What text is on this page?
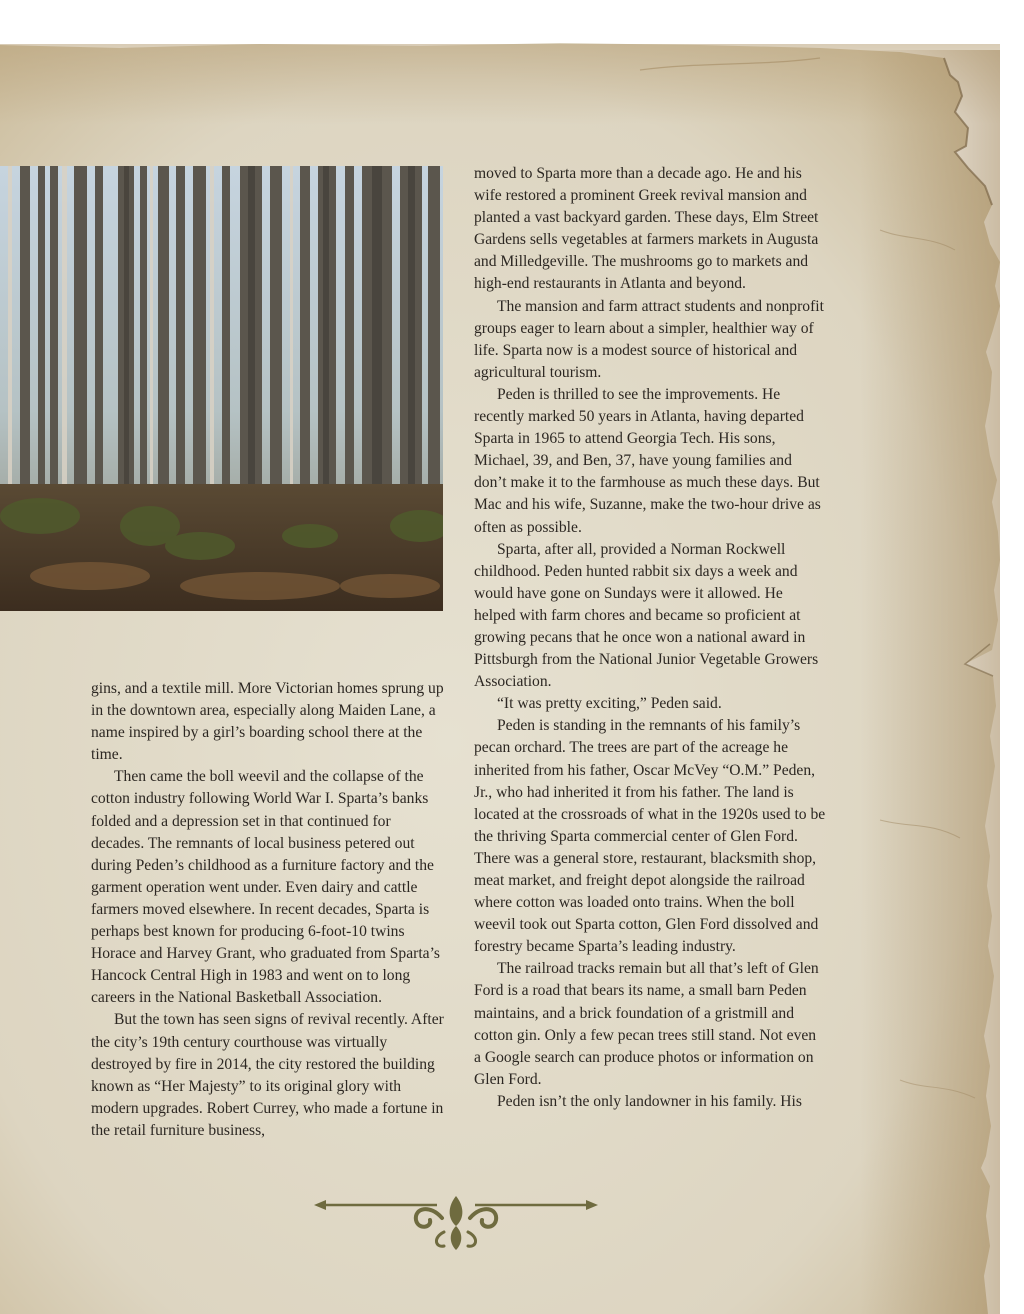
gins, and a textile mill. More Victorian homes sprung up in the downtown area, especially along Maiden Lane, a name inspired by a girl’s boarding school there at the time.

Then came the boll weevil and the collapse of the cotton industry following World War I. Sparta’s banks folded and a depression set in that continued for decades. The remnants of local business petered out during Peden’s childhood as a furniture factory and the garment operation went under. Even dairy and cattle farmers moved elsewhere. In recent decades, Sparta is perhaps best known for producing 6-foot-10 twins Horace and Harvey Grant, who graduated from Sparta’s Hancock Central High in 1983 and went on to long careers in the National Basketball Association.

But the town has seen signs of revival recently. After the city’s 19th century courthouse was virtually destroyed by fire in 2014, the city restored the building known as “Her Majesty” to its original glory with modern upgrades. Robert Currey, who made a fortune in the retail furniture business,

moved to Sparta more than a decade ago. He and his wife restored a prominent Greek revival mansion and planted a vast backyard garden. These days, Elm Street Gardens sells vegetables at farmers markets in Augusta and Milledgeville. The mushrooms go to markets and high-end restaurants in Atlanta and beyond.

The mansion and farm attract students and nonprofit groups eager to learn about a simpler, healthier way of life. Sparta now is a modest source of historical and agricultural tourism.

Peden is thrilled to see the improvements. He recently marked 50 years in Atlanta, having departed Sparta in 1965 to attend Georgia Tech. His sons, Michael, 39, and Ben, 37, have young families and don’t make it to the farmhouse as much these days. But Mac and his wife, Suzanne, make the two-hour drive as often as possible.

Sparta, after all, provided a Norman Rockwell childhood. Peden hunted rabbit six days a week and would have gone on Sundays were it allowed. He helped with farm chores and became so proficient at growing pecans that he once won a national award in Pittsburgh from the National Junior Vegetable Growers Association.

“It was pretty exciting,” Peden said.

Peden is standing in the remnants of his family’s pecan orchard. The trees are part of the acreage he inherited from his father, Oscar McVey “O.M.” Peden, Jr., who had inherited it from his father. The land is located at the crossroads of what in the 1920s used to be the thriving Sparta commercial center of Glen Ford. There was a general store, restaurant, blacksmith shop, meat market, and freight depot alongside the railroad where cotton was loaded onto trains. When the boll weevil took out Sparta cotton, Glen Ford dissolved and forestry became Sparta’s leading industry.

The railroad tracks remain but all that’s left of Glen Ford is a road that bears its name, a small barn Peden maintains, and a brick foundation of a gristmill and cotton gin. Only a few pecan trees still stand. Not even a Google search can produce photos or information on Glen Ford.

Peden isn’t the only landowner in his family. His
